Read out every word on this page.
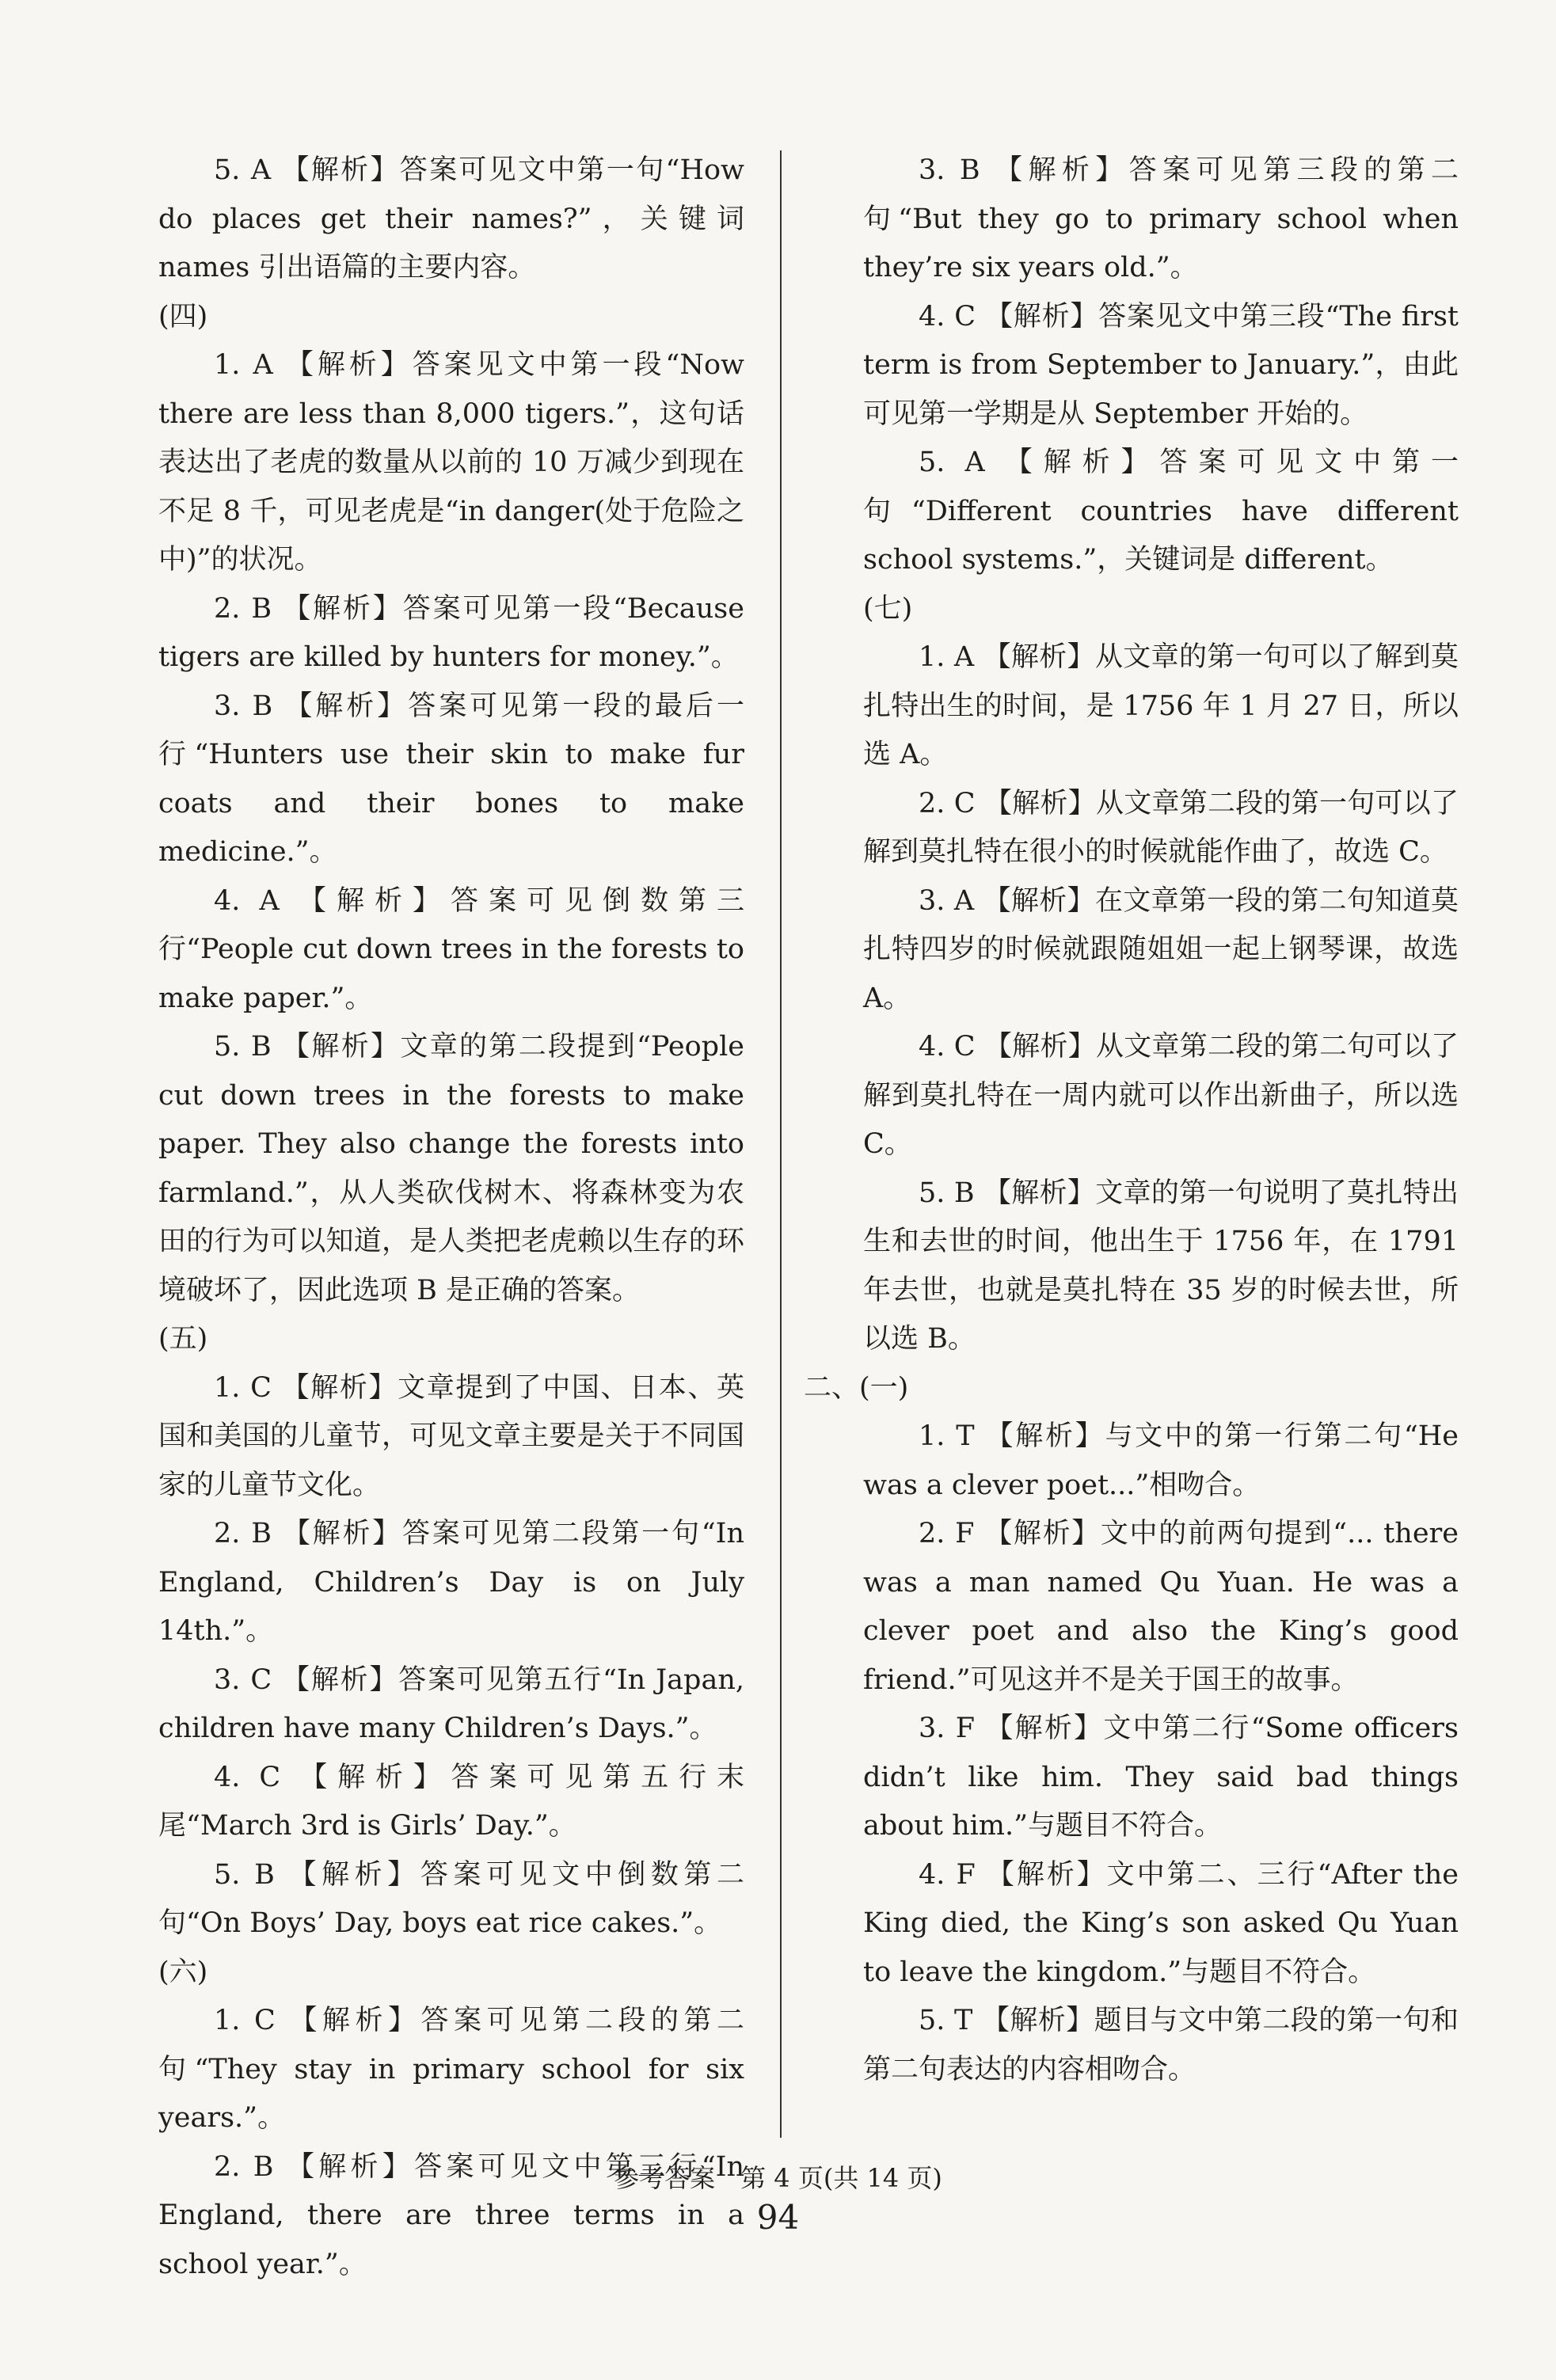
5. A 【解析】答案可见文中第一句“How do places get their names?”，关键词 names 引出语篇的主要内容。

(四)

1. A 【解析】答案见文中第一段“Now there are less than 8,000 tigers.”，这句话表达出了老虎的数量从以前的 10 万减少到现在不足 8 千，可见老虎是“in danger(处于危险之中)”的状况。

2. B 【解析】答案可见第一段“Because tigers are killed by hunters for money.”。

3. B 【解析】答案可见第一段的最后一行“Hunters use their skin to make fur coats and their bones to make medicine.”。

4. A 【解析】答案可见倒数第三行“People cut down trees in the forests to make paper.”。

5. B 【解析】文章的第二段提到“People cut down trees in the forests to make paper. They also change the forests into farmland.”，从人类砍伐树木、将森林变为农田的行为可以知道，是人类把老虎赖以生存的环境破坏了，因此选项 B 是正确的答案。

(五)

1. C 【解析】文章提到了中国、日本、英国和美国的儿童节，可见文章主要是关于不同国家的儿童节文化。

2. B 【解析】答案可见第二段第一句“In England, Children’s Day is on July 14th.”。

3. C 【解析】答案可见第五行“In Japan, children have many Children’s Days.”。

4. C 【解析】答案可见第五行末尾“March 3rd is Girls’ Day.”。

5. B 【解析】答案可见文中倒数第二句“On Boys’ Day, boys eat rice cakes.”。

(六)

1. C 【解析】答案可见第二段的第二句“They stay in primary school for six years.”。

2. B 【解析】答案可见文中第三行“In England, there are three terms in a school year.”。

3. B 【解析】答案可见第三段的第二句“But they go to primary school when they’re six years old.”。

4. C 【解析】答案见文中第三段“The first term is from September to January.”，由此可见第一学期是从 September 开始的。

5. A 【解析】答案可见文中第一句“Different countries have different school systems.”，关键词是 different。

(七)

1. A 【解析】从文章的第一句可以了解到莫扎特出生的时间，是 1756 年 1 月 27 日，所以选 A。

2. C 【解析】从文章第二段的第一句可以了解到莫扎特在很小的时候就能作曲了，故选 C。

3. A 【解析】在文章第一段的第二句知道莫扎特四岁的时候就跟随姐姐一起上钢琴课，故选 A。

4. C 【解析】从文章第二段的第二句可以了解到莫扎特在一周内就可以作出新曲子，所以选 C。

5. B 【解析】文章的第一句说明了莫扎特出生和去世的时间，他出生于 1756 年，在 1791 年去世，也就是莫扎特在 35 岁的时候去世，所以选 B。

二、(一)

1. T 【解析】与文中的第一行第二句“He was a clever poet...”相吻合。

2. F 【解析】文中的前两句提到“... there was a man named Qu Yuan. He was a clever poet and also the King’s good friend.”可见这并不是关于国王的故事。

3. F 【解析】文中第二行“Some officers didn’t like him. They said bad things about him.”与题目不符合。

4. F 【解析】文中第二、三行“After the King died, the King’s son asked Qu Yuan to leave the kingdom.”与题目不符合。

5. T 【解析】题目与文中第二段的第一句和第二句表达的内容相吻合。

参考答案　第 4 页(共 14 页)
94
